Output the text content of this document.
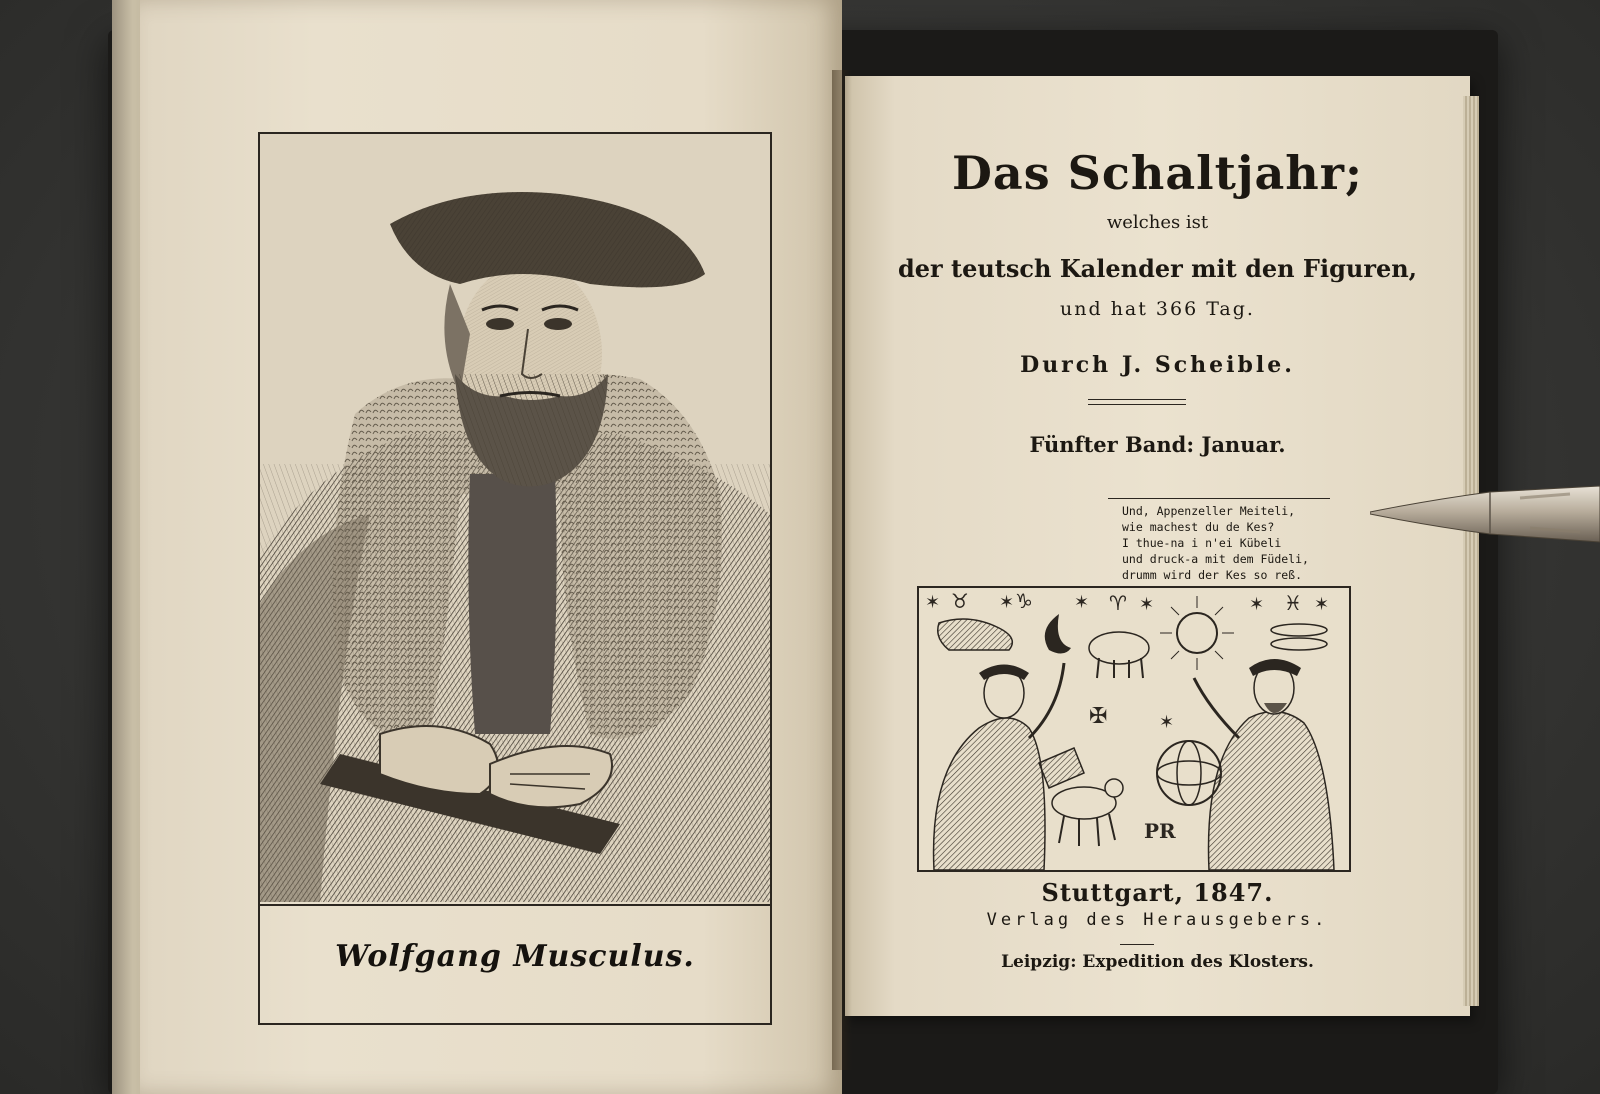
Wolfgang Musculus.
Das Schaltjahr;
welches ist
der teutsch Kalender mit den Figuren,
und hat 366 Tag.
Durch J. Scheible.
Fünfter Band: Januar.
Und, Appenzeller Meiteli,
wie machest du de Kes?
I thue-na i n'ei Kübeli
und druck-a mit dem Füdeli,
drumm wird der Kes so reß.
✶	✶	✶	✶	✶	✶
✶
♉ ♑	♈	♓
✠
PR
Stuttgart, 1847.
Verlag des Herausgebers.
Leipzig: Expedition des Klosters.
